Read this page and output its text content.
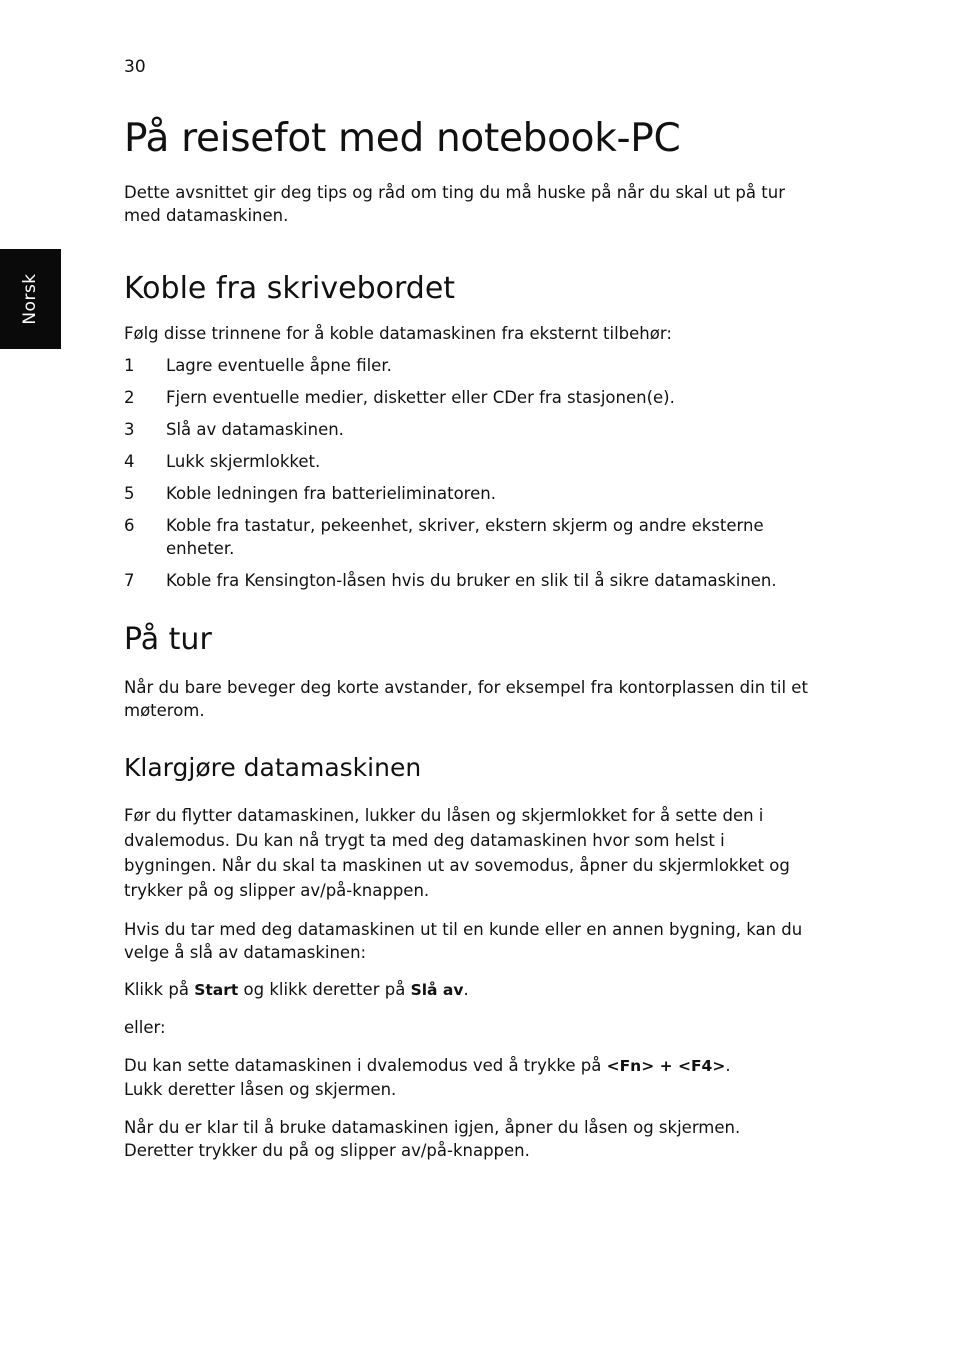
Norsk
30
På reisefot med notebook-PC

Dette avsnittet gir deg tips og råd om ting du må huske på når du skal ut på tur med datamaskinen.

Koble fra skrivebordet

Følg disse trinnene for å koble datamaskinen fra eksternt tilbehør:

1	Lagre eventuelle åpne filer.
2	Fjern eventuelle medier, disketter eller CDer fra stasjonen(e).
3	Slå av datamaskinen.
4	Lukk skjermlokket.
5	Koble ledningen fra batterieliminatoren.
6	Koble fra tastatur, pekeenhet, skriver, ekstern skjerm og andre eksterne enheter.
7	Koble fra Kensington-låsen hvis du bruker en slik til å sikre datamaskinen.
På tur

Når du bare beveger deg korte avstander, for eksempel fra kontorplassen din til et møterom.

Klargjøre datamaskinen

Før du flytter datamaskinen, lukker du låsen og skjermlokket for å sette den i dvalemodus. Du kan nå trygt ta med deg datamaskinen hvor som helst i bygningen. Når du skal ta maskinen ut av sovemodus, åpner du skjermlokket og trykker på og slipper av/på-knappen.

Hvis du tar med deg datamaskinen ut til en kunde eller en annen bygning, kan du velge å slå av datamaskinen:

Klikk på Start og klikk deretter på Slå av.

eller:

Du kan sette datamaskinen i dvalemodus ved å trykke på <Fn> + <F4>.
Lukk deretter låsen og skjermen.

Når du er klar til å bruke datamaskinen igjen, åpner du låsen og skjermen.
Deretter trykker du på og slipper av/på-knappen.
